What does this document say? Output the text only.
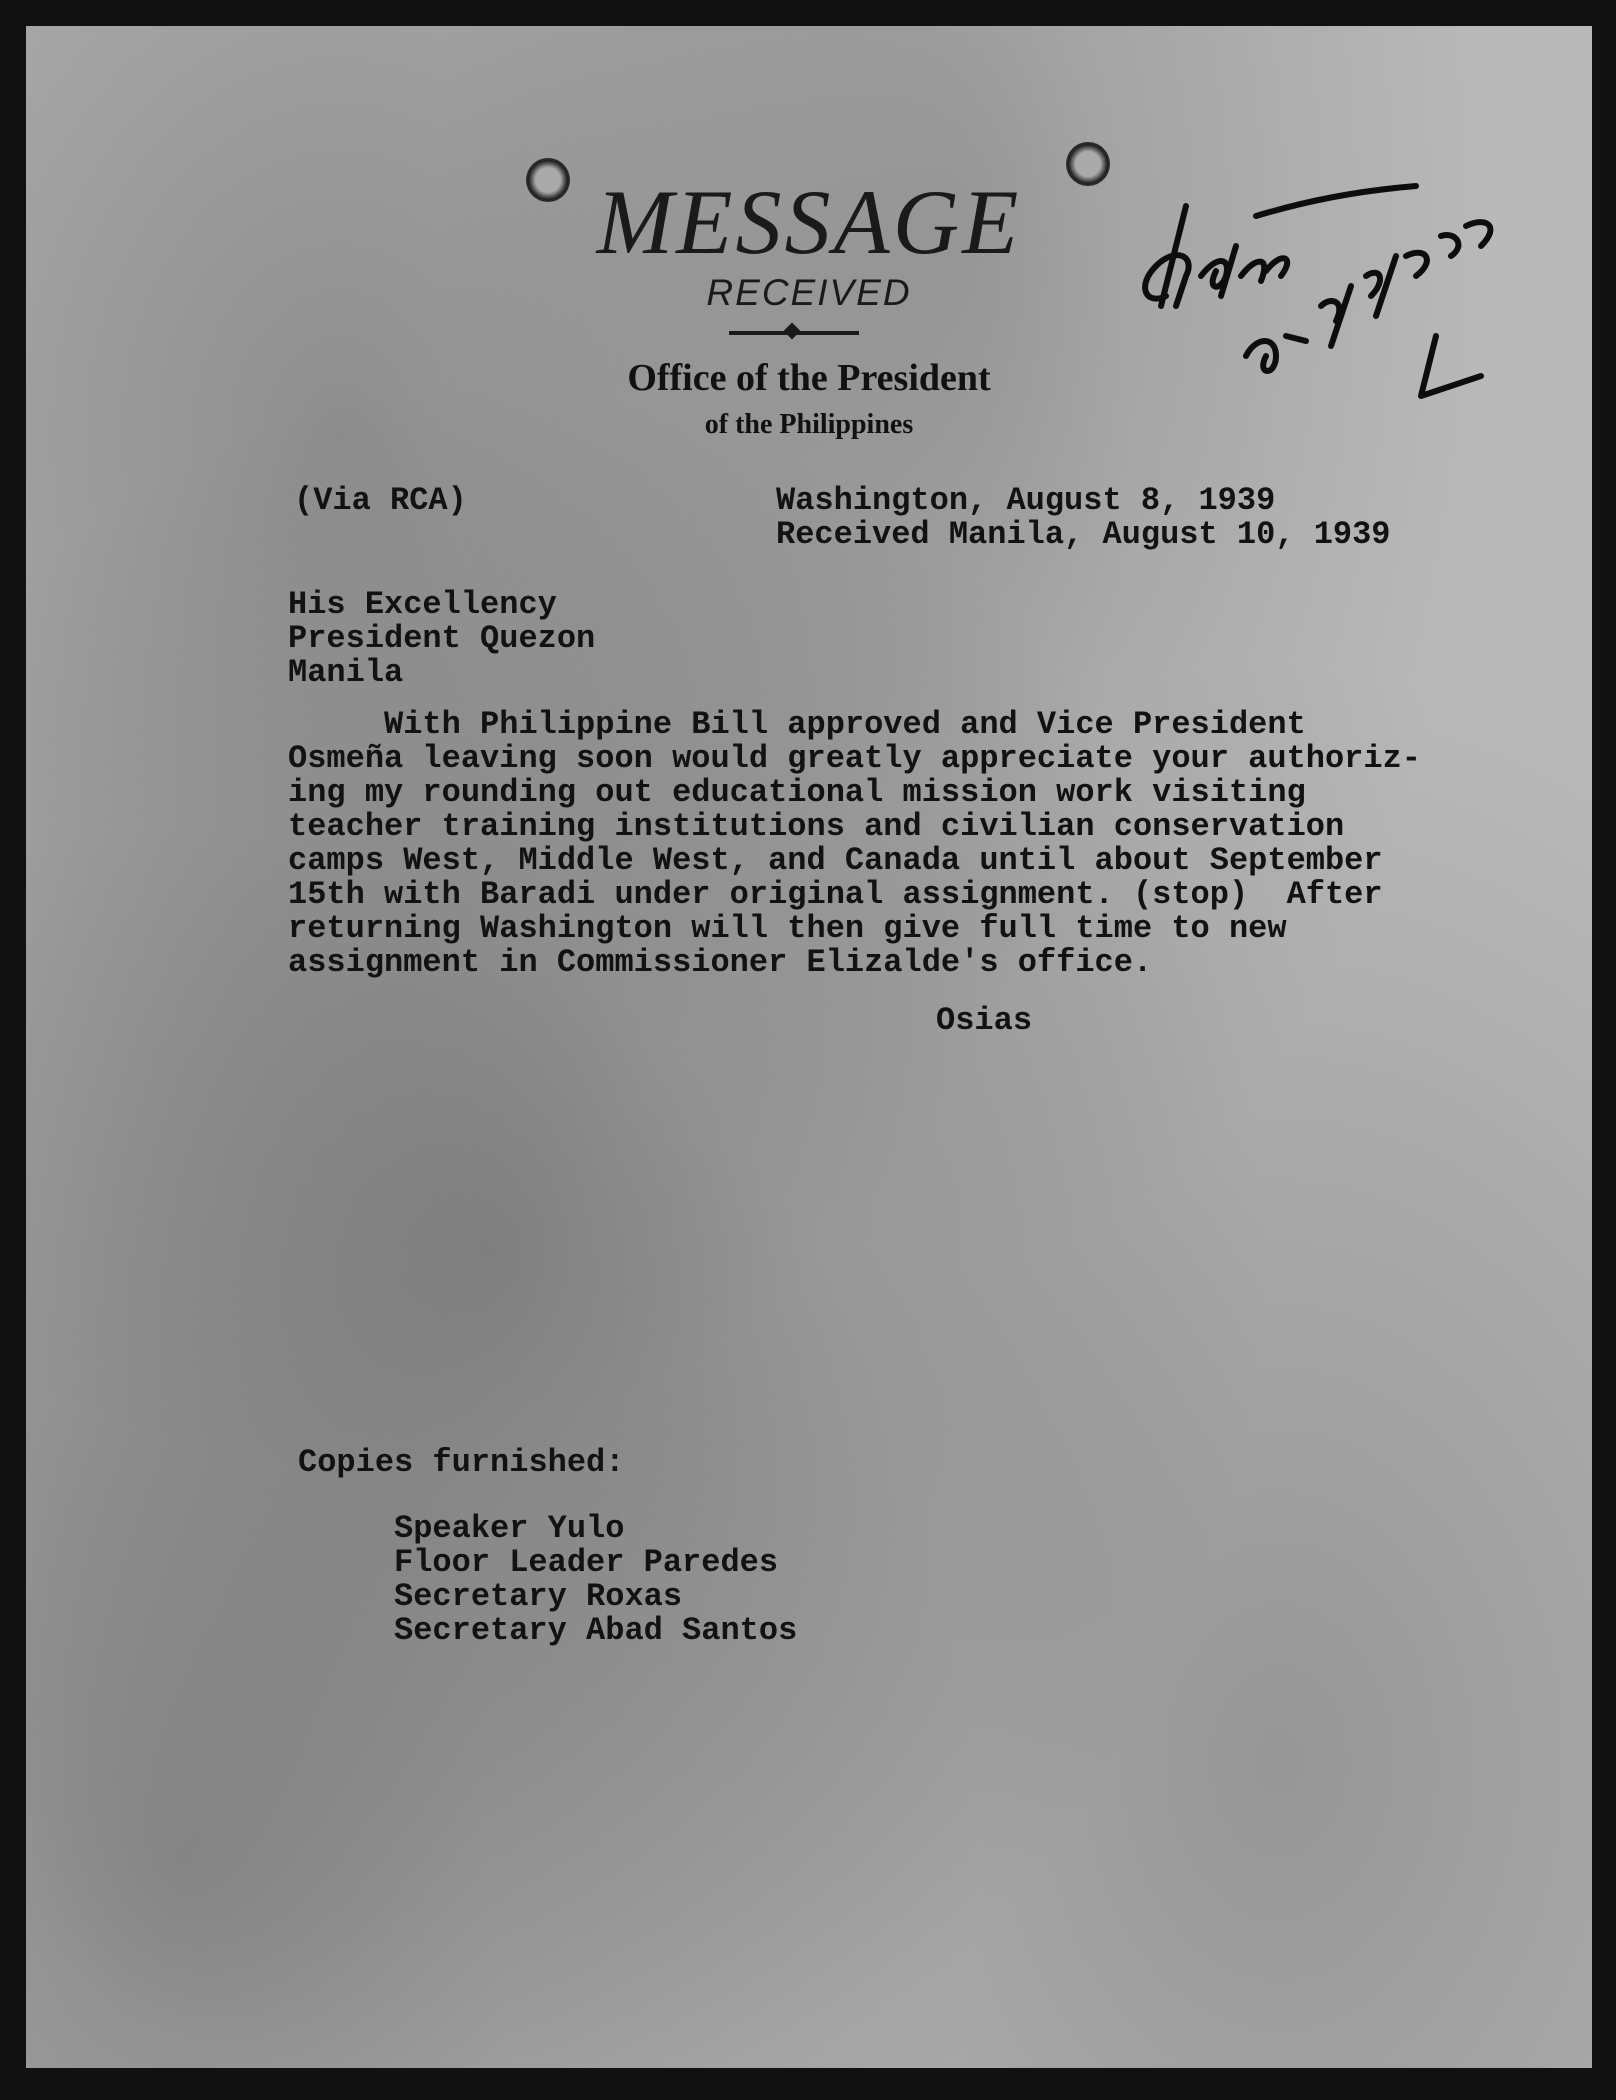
MESSAGE
RECEIVED
Office of the President
of the Philippines
(Via RCA)	Washington, August 8, 1939
Received Manila, August 10, 1939
His Excellency
President Quezon
Manila
With Philippine Bill approved and Vice President
Osmeña leaving soon would greatly appreciate your authoriz-
ing my rounding out educational mission work visiting
teacher training institutions and civilian conservation
camps West, Middle West, and Canada until about September
15th with Baradi under original assignment. (stop)  After
returning Washington will then give full time to new
assignment in Commissioner Elizalde's office.
Osias
Copies furnished:
Speaker Yulo
Floor Leader Paredes
Secretary Roxas
Secretary Abad Santos
